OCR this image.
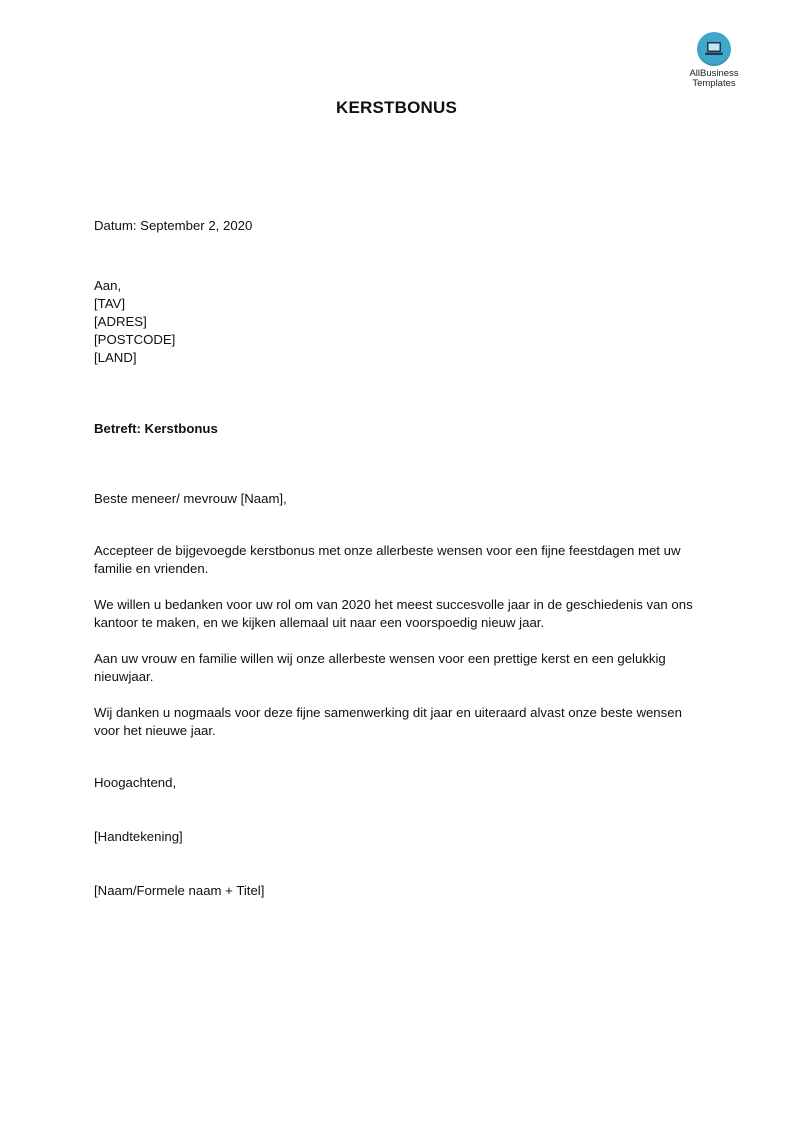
AllBusiness
Templates
KERSTBONUS

Datum: September 2, 2020

Aan,

[TAV]

[ADRES]

[POSTCODE]

[LAND]

Betreft: Kerstbonus

Beste meneer/ mevrouw [Naam],

Accepteer de bijgevoegde kerstbonus met onze allerbeste wensen voor een fijne feestdagen met uw

familie en vrienden.

We willen u bedanken voor uw rol om van 2020 het meest succesvolle jaar in de geschiedenis van ons

kantoor te maken, en we kijken allemaal uit naar een voorspoedig nieuw jaar.

Aan uw vrouw en familie willen wij onze allerbeste wensen voor een prettige kerst en een gelukkig

nieuwjaar.

Wij danken u nogmaals voor deze fijne samenwerking dit jaar en uiteraard alvast onze beste wensen

voor het nieuwe jaar.

Hoogachtend,

[Handtekening]

[Naam/Formele naam + Titel]
